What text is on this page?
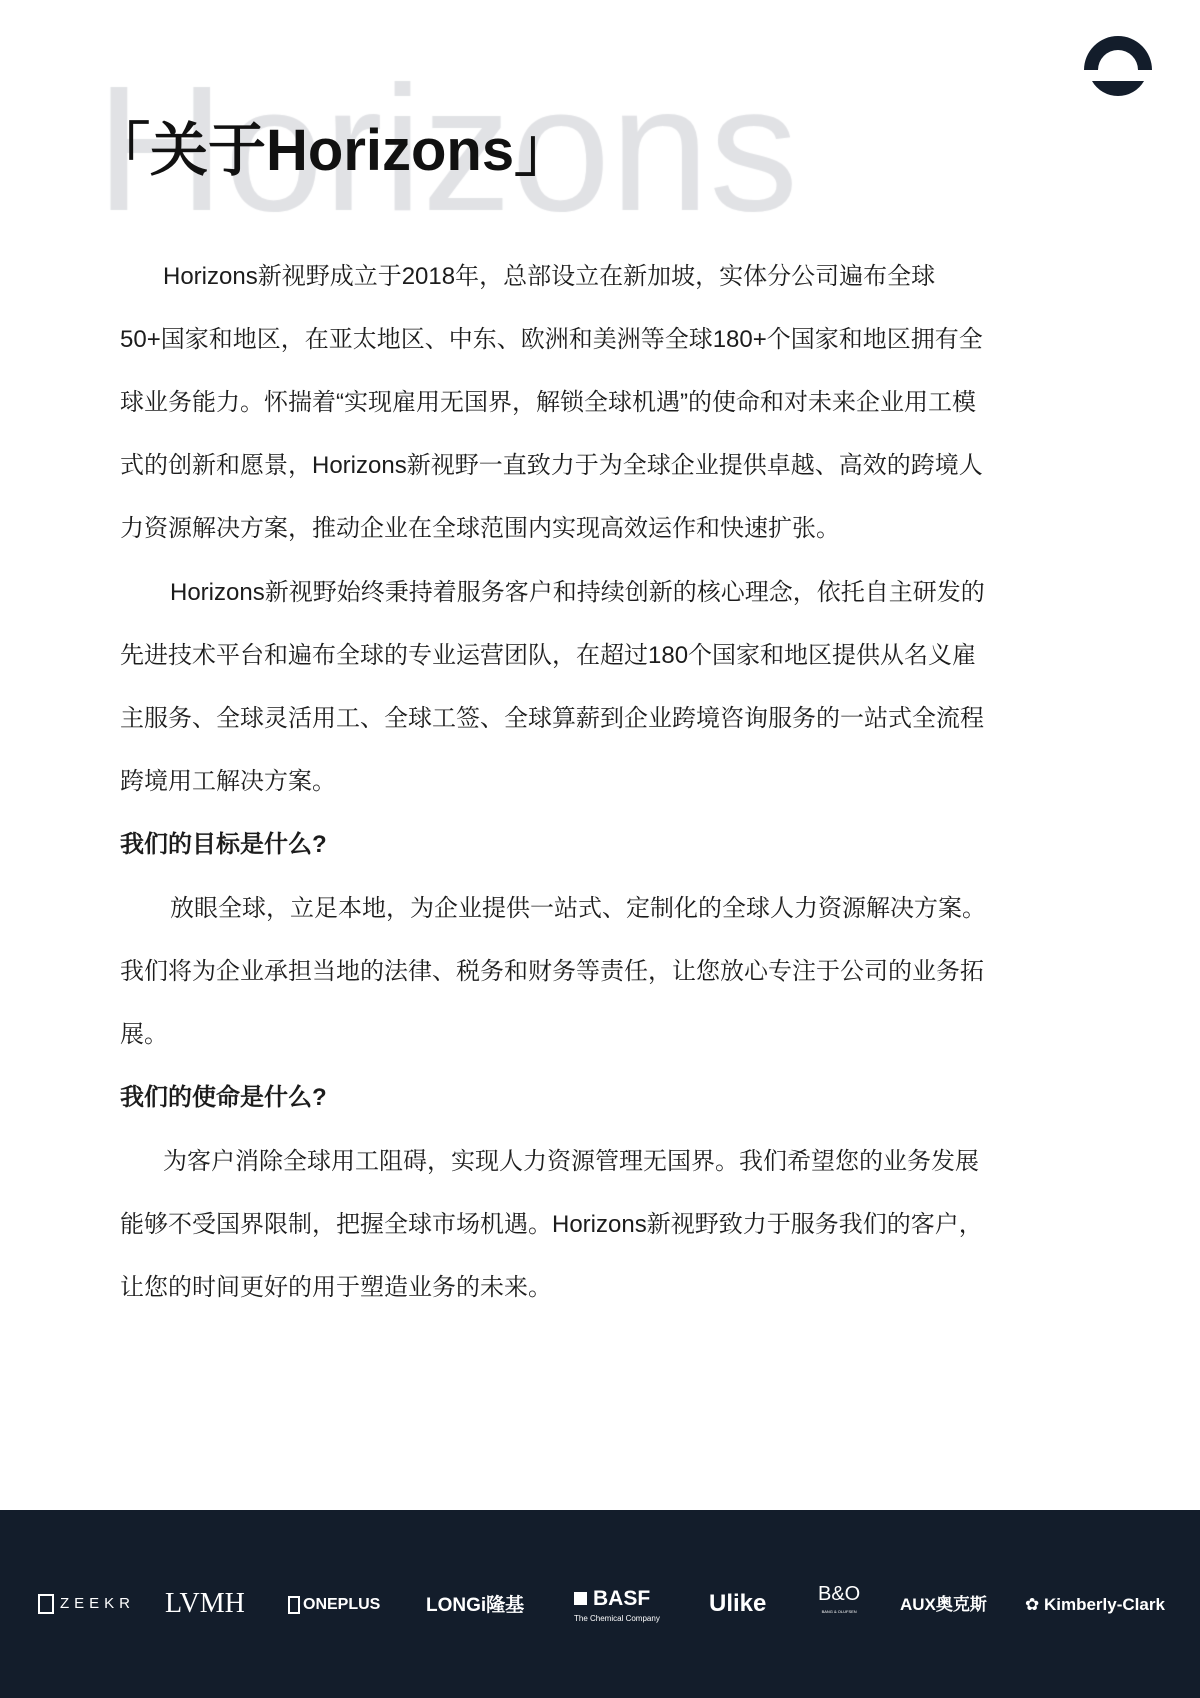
「关于Horizons」
Horizons新视野成立于2018年，总部设立在新加坡，实体分公司遍布全球
50+国家和地区，在亚太地区、中东、欧洲和美洲等全球180+个国家和地区拥有全
球业务能力。怀揣着“实现雇用无国界，解锁全球机遇”的使命和对未来企业用工模
式的创新和愿景，Horizons新视野一直致力于为全球企业提供卓越、高效的跨境人
力资源解决方案，推动企业在全球范围内实现高效运作和快速扩张。
Horizons新视野始终秉持着服务客户和持续创新的核心理念，依托自主研发的
先进技术平台和遍布全球的专业运营团队，在超过180个国家和地区提供从名义雇
主服务、全球灵活用工、全球工签、全球算薪到企业跨境咨询服务的一站式全流程
跨境用工解决方案。
我们的目标是什么?
放眼全球，立足本地，为企业提供一站式、定制化的全球人力资源解决方案。
我们将为企业承担当地的法律、税务和财务等责任，让您放心专注于公司的业务拓
展。
我们的使命是什么?
为客户消除全球用工阻碍，实现人力资源管理无国界。我们希望您的业务发展
能够不受国界限制，把握全球市场机遇。Horizons新视野致力于服务我们的客户，
让您的时间更好的用于塑造业务的未来。
ZEEKR LVMH	ONEPLUS LONGi隆基	BASF
The Chemical Company
Ulike	B&O
BANG & OLUFSEN	AUX奥克斯 ✿ Kimberly-Clark
